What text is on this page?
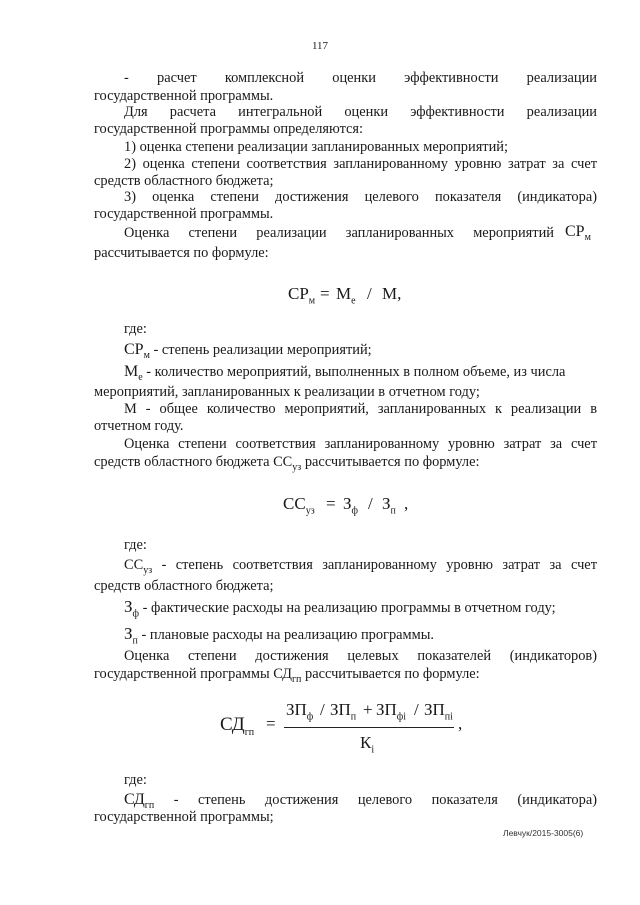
117
- расчет комплексной оценки эффективности реализации
государственной программы.
Для расчета интегральной оценки эффективности реализации
государственной программы определяются:
1) оценка степени реализации запланированных мероприятий;
2) оценка степени соответствия запланированному уровню затрат за счет
средств областного бюджета;
3) оценка степени достижения целевого показателя (индикатора)
государственной программы.
Оценка степени реализации запланированных мероприятий $СР_м$
рассчитывается по формуле:
$СР_м = М_е / М$,
где:
$СР_м$ - степень реализации мероприятий;
$М_е$ - количество мероприятий, выполненных в полном объеме, из числа
мероприятий, запланированных к реализации в отчетном году;
М - общее количество мероприятий, запланированных к реализации в
отчетном году.
Оценка степени соответствия запланированному уровню затрат за счет
средств областного бюджета $СС_{уз}$ рассчитывается по формуле:
$СС_{уз} = З_ф / З_п$ ,
где:
$СС_{уз}$ - степень соответствия запланированному уровню затрат за счет
средств областного бюджета;
$З_ф$ - фактические расходы на реализацию программы в отчетном году;
$З_п$ - плановые расходы на реализацию программы.
Оценка степени достижения целевых показателей (индикаторов)
государственной программы $СД_{гп}$ рассчитывается по формуле:
$СД_{гп}$ =
$ЗП_ф / ЗП_п + ЗП_{фi} / ЗП_{пi}$
$К_i$
,
где:
$СД_{гп}$ - степень достижения целевого показателя (индикатора)
государственной программы;
Левчук/2015-3005(6)
